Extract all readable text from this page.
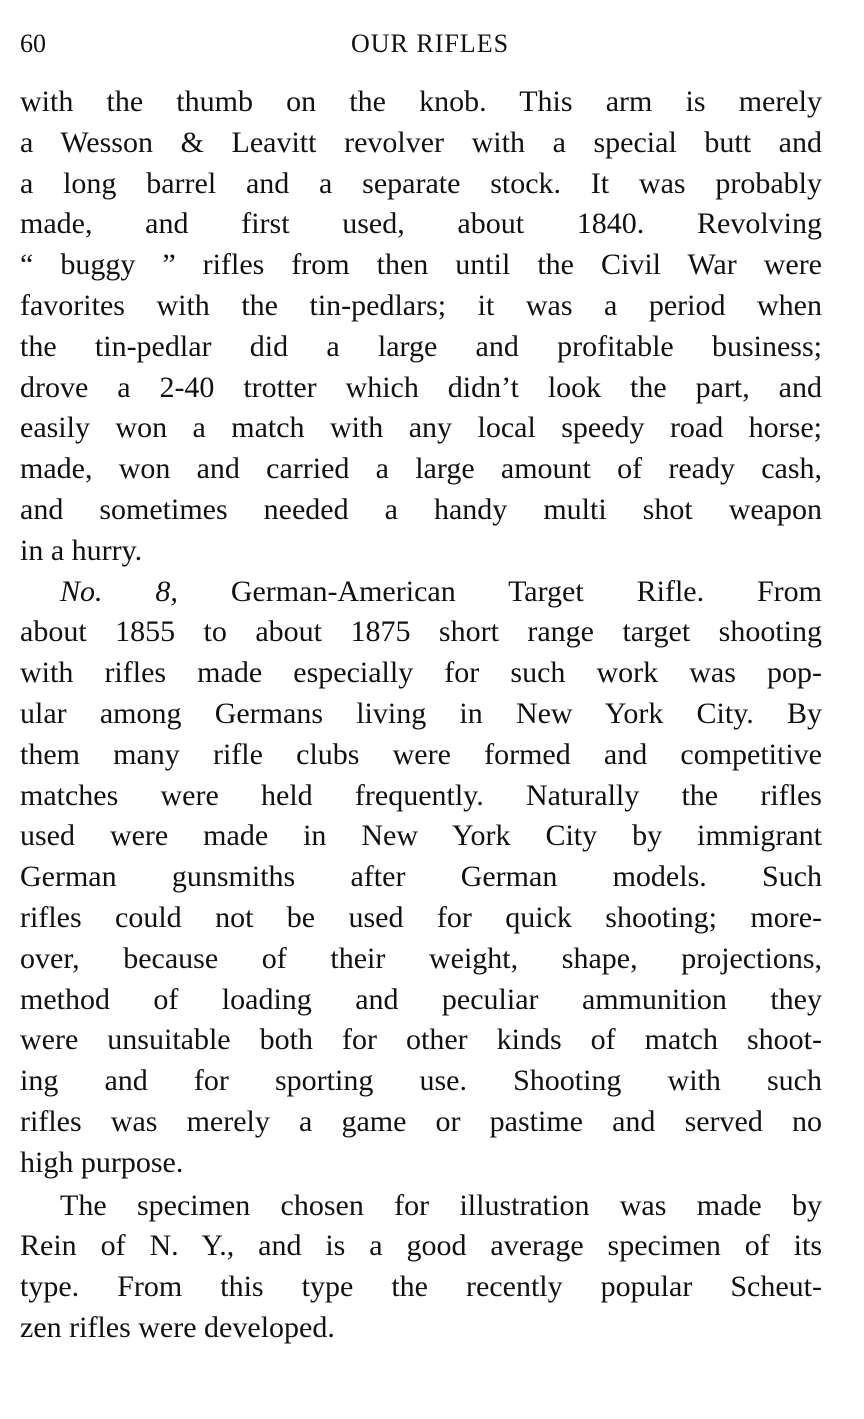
60	OUR RIFLES
with the thumb on the knob. This arm is merely
a Wesson & Leavitt revolver with a special butt and
a long barrel and a separate stock. It was probably
made, and first used, about 1840. Revolving
“ buggy ” rifles from then until the Civil War were
favorites with the tin-pedlars; it was a period when
the tin-pedlar did a large and profitable business;
drove a 2-40 trotter which didn’t look the part, and
easily won a match with any local speedy road horse;
made, won and carried a large amount of ready cash,
and sometimes needed a handy multi shot weapon
in a hurry.
No. 8, German-American Target Rifle. From
about 1855 to about 1875 short range target shooting
with rifles made especially for such work was pop-
ular among Germans living in New York City. By
them many rifle clubs were formed and competitive
matches were held frequently. Naturally the rifles
used were made in New York City by immigrant
German gunsmiths after German models. Such
rifles could not be used for quick shooting; more-
over, because of their weight, shape, projections,
method of loading and peculiar ammunition they
were unsuitable both for other kinds of match shoot-
ing and for sporting use. Shooting with such
rifles was merely a game or pastime and served no
high purpose.
The specimen chosen for illustration was made by
Rein of N. Y., and is a good average specimen of its
type. From this type the recently popular Scheut-
zen rifles were developed.
